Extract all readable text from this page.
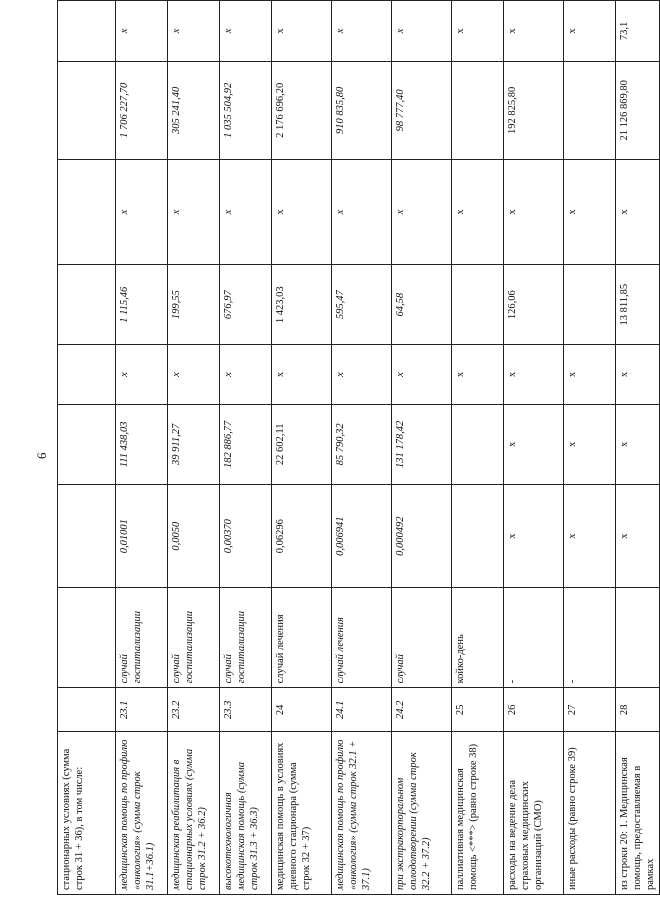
6
стационарных условиях (сумма строк 31 + 36), в том числе:									
медицинская помощь по профилю «онкология» (сумма строк 31.1+36.1)	23.1	случай госпитализации	0,01001	111 438,03	х	1 115,46	х	1 706 227,70	х
медицинская реабилитация в стационарных условиях (сумма строк 31.2 + 36.2)	23.2	случай госпитализации	0,0050	39 911,27	х	199,55	х	305 241,40	х
высокотехнологичная медицинская помощь (сумма строк 31.3 + 36.3)	23.3	случай госпитализации	0,00370	182 886,77	х	676,97	х	1 035 504,92	х
медицинская помощь в условиях дневного стационара (сумма строк 32 + 37)	24	случай лечения	0,06296	22 602,11	х	1 423,03	х	2 176 696,20	х
медицинская помощь по профилю «онкология» (сумма строк 32.1 + 37.1)	24.1	случай лечения	0,006941	85 790,32	х	595,47	х	910 835,80	х
при экстракорпоральном оплодотворении (сумма строк 32.2 + 37.2)	24.2	случай	0,000492	131 178,42	х	64,58	х	98 777,40	х
паллиативная медицинская помощь <***> (равно строке 38)	25	койко-день			х		х		х
расходы на ведение дела страховых медицинских организаций (СМО)	26	-	х	х	х	126,06	х	192 825,80	х
иные расходы (равно строке 39)	27	-	х	х	х		х		х
из строки 20: 1. Медицинская помощь, предоставляемая в рамках	28		х	х	х	13 811,85	х	21 126 869,80	73,1
